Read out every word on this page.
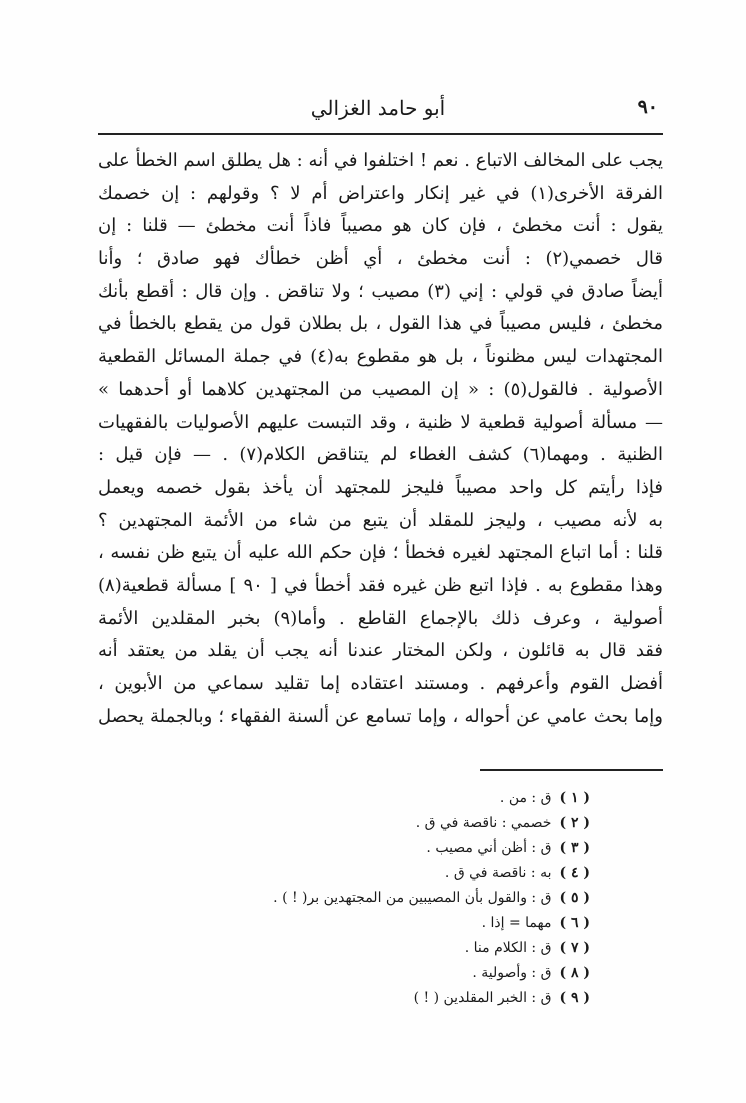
٩٠
أبو حامد الغزالي
يجب على المخالف الاتباع . نعم ! اختلفوا في أنه : هل يطلق اسم الخطأ على
الفرقة الأخرى(١) في غير إنكار واعتراض أم لا ؟ وقولهم : إن خصمك
يقول : أنت مخطئ ، فإن كان هو مصيباً فاذاً أنت مخطئ — قلنا : إن
قال خصمي(٢) : أنت مخطئ ، أي أظن خطأك فهو صادق ؛ وأنا
أيضاً صادق في قولي : إني (٣) مصيب ؛ ولا تناقض . وإن قال : أقطع بأنك
مخطئ ، فليس مصيباً في هذا القول ، بل بطلان قول من يقطع بالخطأ في
المجتهدات ليس مظنوناً ، بل هو مقطوع به(٤) في جملة المسائل القطعية
الأصولية . فالقول(٥) : « إن المصيب من المجتهدين كلاهما أو أحدهما »
— مسألة أصولية قطعية لا ظنية ، وقد التبست عليهم الأصوليات بالفقهيات
الظنية . ومهما(٦) كشف الغطاء لم يتناقض الكلام(٧) . — فإن قيل :
فإذا رأيتم كل واحد مصيباً فليجز للمجتهد أن يأخذ بقول خصمه ويعمل
به لأنه مصيب ، وليجز للمقلد أن يتبع من شاء من الأئمة المجتهدين ؟
قلنا : أما اتباع المجتهد لغيره فخطأ ؛ فإن حكم الله عليه أن يتبع ظن نفسه ،
وهذا مقطوع به . فإذا اتبع ظن غيره فقد أخطأ في [ ٩٠ ] مسألة قطعية(٨)
أصولية ، وعرف ذلك بالإجماع القاطع . وأما(٩) بخبر المقلدين الأئمة
فقد قال به قائلون ، ولكن المختار عندنا أنه يجب أن يقلد من يعتقد أنه
أفضل القوم وأعرفهم . ومستند اعتقاده إما تقليد سماعي من الأبوين ،
وإما بحث عامي عن أحواله ، وإما تسامع عن ألسنة الفقهاء ؛ وبالجملة يحصل
( ١ )ق : من .
( ٢ )خصمي : ناقصة في ق .
( ٣ )ق : أظن أني مصيب .
( ٤ )به : ناقصة في ق .
( ٥ )ق : والقول بأن المصيبين من المجتهدين بر( ! ) .
( ٦ )مهما = إذا .
( ٧ )ق : الكلام منا .
( ٨ )ق : وأصولية .
( ٩ )ق : الخبر المقلدين ( ! )
